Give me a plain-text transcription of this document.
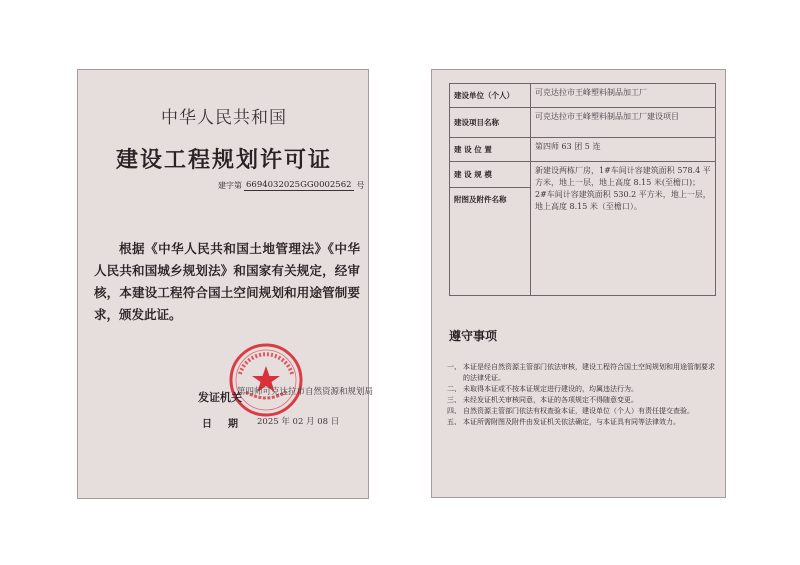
中华人民共和国
建设工程规划许可证
建字第 6694032025GG0002562 号
根据《中华人民共和国土地管理法》《中华人民共和国城乡规划法》和国家有关规定，经审核，本建设工程符合国土空间规划和用途管制要求，颁发此证。
发证机关
第四师可克达拉市自然资源和规划局
日期 2025 年 02 月 08 日
建设单位（个人）	可克达拉市王峰塑料制品加工厂
建设项目名称	可克达拉市王峰塑料制品加工厂建设项目
建 设 位 置	第四师 63 团 5 连
建 设 规 模	新建设两栋厂房，1#车间计容建筑面积 578.4 平方米，地上一层，地上高度 8.15 米(至檐口)；2#车间计容建筑面积 530.2 平方米，地上一层，地上高度 8.15 米（至檐口）。
附图及附件名称	
遵守事项
一、 本证是经自然资源主管部门依法审核，建设工程符合国土空间规划和用途管制要求的法律凭证。
二、 未取得本证或不按本证规定进行建设的，均属违法行为。
三、 未经发证机关审核同意，本证的各项规定不得随意变更。
四、 自然资源主管部门依法有权查验本证，建设单位（个人）有责任提交查验。
五、 本证所需附图及附件由发证机关依法确定，与本证具有同等法律效力。
